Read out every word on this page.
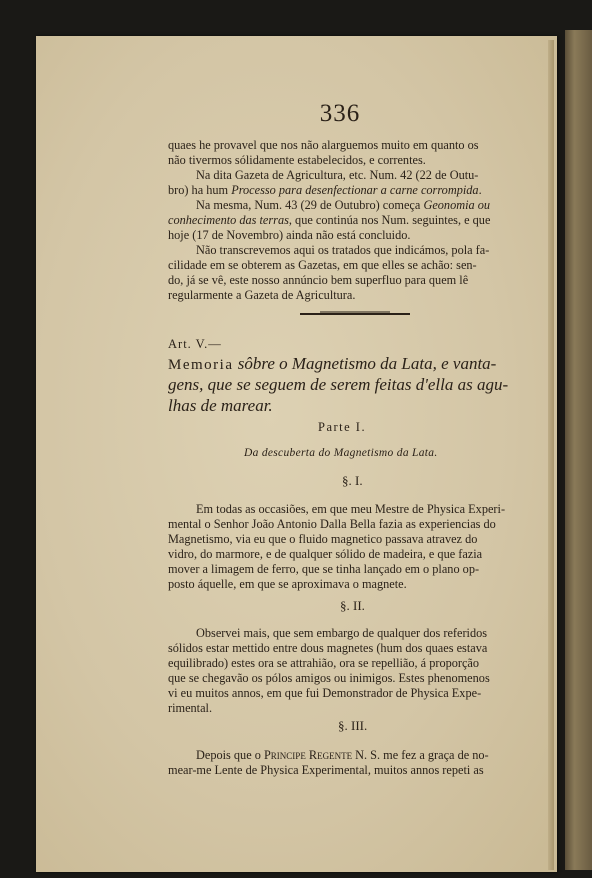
336
quaes he provavel que nos não alarguemos muito em quanto os
não tivermos sólidamente estabelecidos, e correntes.
Na dita Gazeta de Agricultura, etc. Num. 42 (22 de Outu-
bro) ha hum Processo para desenfectionar a carne corrompida.
Na mesma, Num. 43 (29 de Outubro) começa Geonomia ou
conhecimento das terras, que continúa nos Num. seguintes, e que
hoje (17 de Novembro) ainda não está concluido.
Não transcrevemos aqui os tratados que indicámos, pola fa-
cilidade em se obterem as Gazetas, em que elles se achão: sen-
do, já se vê, este nosso annúncio bem superfluo para quem lê
regularmente a Gazeta de Agricultura.
Art. V.—
Memoria sôbre o Magnetismo da Lata, e vanta-
gens, que se seguem de serem feitas d'ella as agu-
lhas de marear.
Parte I.
Da descuberta do Magnetismo da Lata.
§. I.
Em todas as occasiões, em que meu Mestre de Physica Experi-
mental o Senhor João Antonio Dalla Bella fazia as experiencias do
Magnetismo, via eu que o fluido magnetico passava atravez do
vidro, do marmore, e de qualquer sólido de madeira, e que fazia
mover a limagem de ferro, que se tinha lançado em o plano op-
posto áquelle, em que se aproximava o magnete.
§. II.
Observei mais, que sem embargo de qualquer dos referidos
sólidos estar mettido entre dous magnetes (hum dos quaes estava
equilibrado) estes ora se attrahião, ora se repellião, á proporção
que se chegavão os pólos amigos ou inimigos. Estes phenomenos
vi eu muitos annos, em que fui Demonstrador de Physica Expe-
rimental.
§. III.
Depois que o Principe Regente N. S. me fez a graça de no-
mear-me Lente de Physica Experimental, muitos annos repeti as
